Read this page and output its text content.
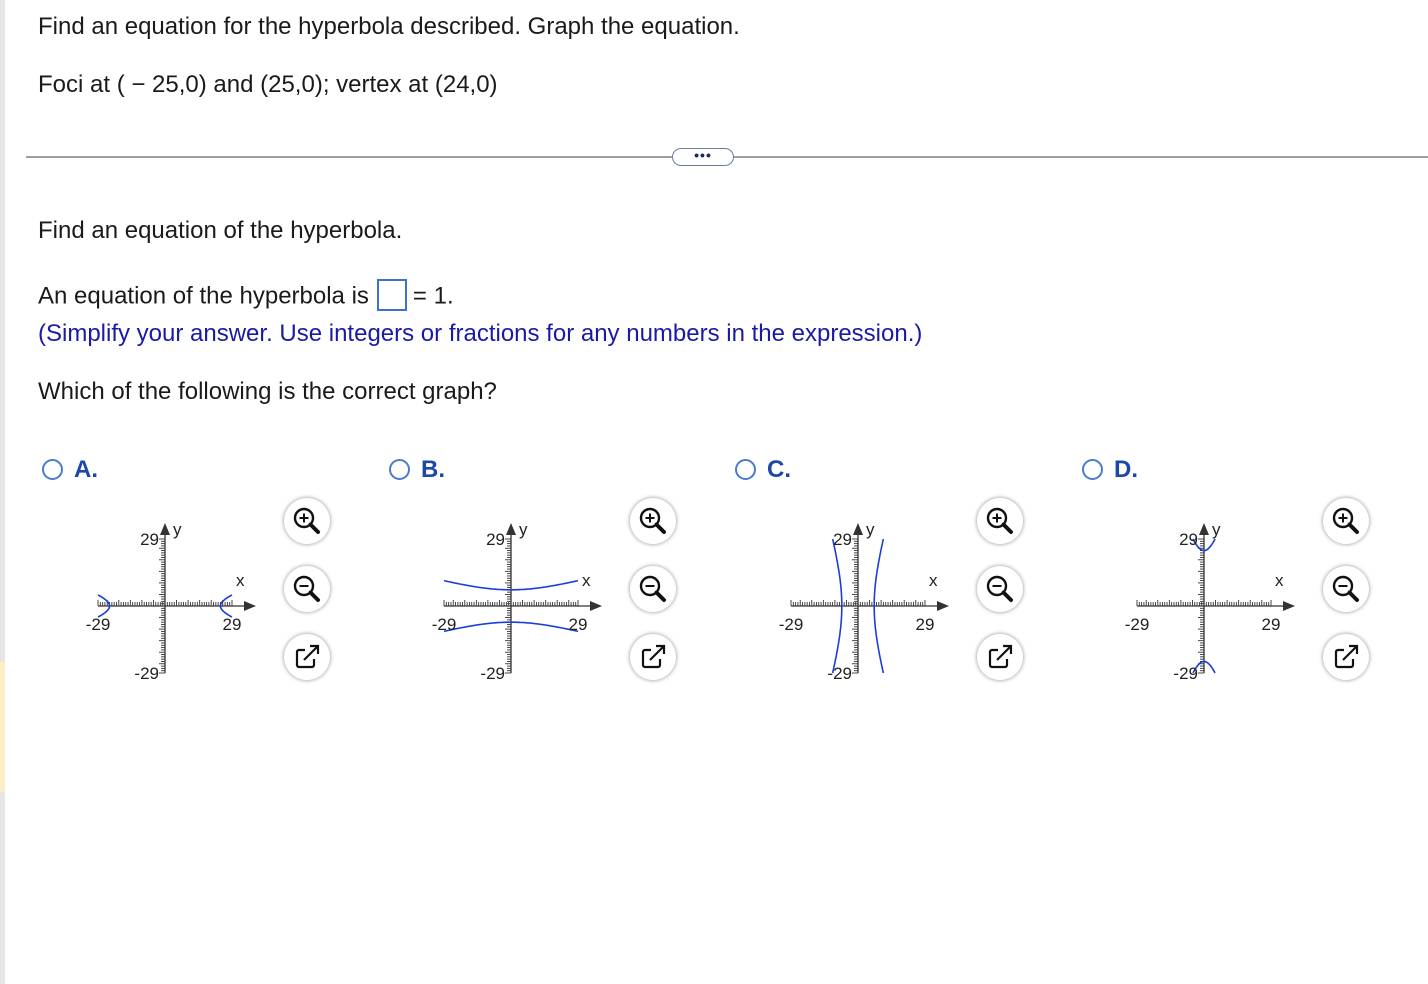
Find an equation for the hyperbola described. Graph the equation.
Foci at ( − 25,0) and (25,0); vertex at (24,0)
•••
Find an equation of the hyperbola.
An equation of the hyperbola is = 1.
(Simplify your answer. Use integers or fractions for any numbers in the expression.)
Which of the following is the correct graph?
A.
y
x
29
-29
29
-29
B.
y
x
29
-29
29
-29
C.
y
x
29
-29
29
-29
D.
y
x
29
-29
29
-29
